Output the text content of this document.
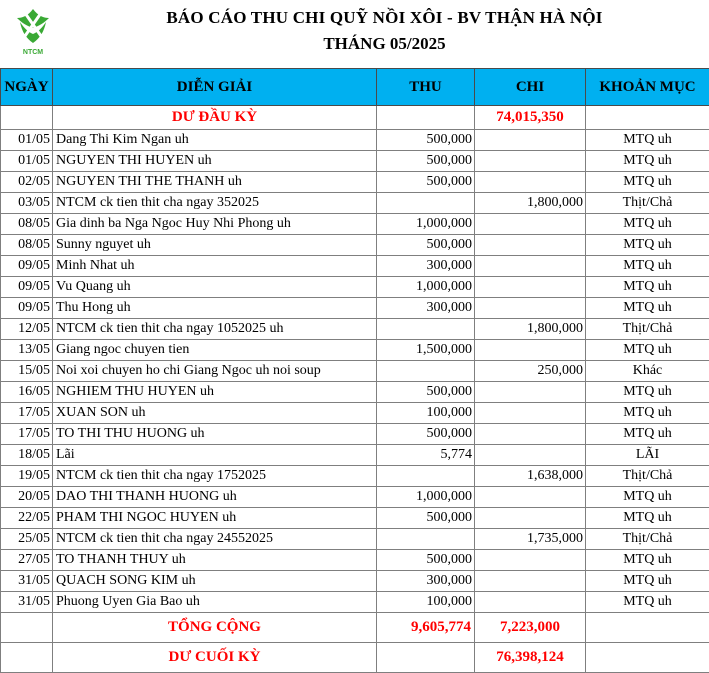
NTCM
BÁO CÁO THU CHI QUỸ NỒI XÔI - BV THẬN HÀ NỘI
THÁNG 05/2025
NGÀY	DIỄN GIẢI	THU	CHI	KHOẢN MỤC
	DƯ ĐẦU KỲ		74,015,350	
01/05	Dang Thi Kim Ngan uh	500,000		MTQ uh
01/05	NGUYEN THI HUYEN uh	500,000		MTQ uh
02/05	NGUYEN THI THE THANH uh	500,000		MTQ uh
03/05	NTCM ck tien thit cha ngay 352025		1,800,000	Thịt/Chả
08/05	Gia dinh ba Nga Ngoc Huy Nhi Phong uh	1,000,000		MTQ uh
08/05	Sunny nguyet uh	500,000		MTQ uh
09/05	Minh Nhat uh	300,000		MTQ uh
09/05	Vu Quang uh	1,000,000		MTQ uh
09/05	Thu Hong uh	300,000		MTQ uh
12/05	NTCM ck tien thit cha ngay 1052025 uh		1,800,000	Thịt/Chả
13/05	Giang ngoc chuyen tien	1,500,000		MTQ uh
15/05	Noi xoi chuyen ho chi Giang Ngoc uh noi soup		250,000	Khác
16/05	NGHIEM THU HUYEN uh	500,000		MTQ uh
17/05	XUAN SON uh	100,000		MTQ uh
17/05	TO THI THU HUONG uh	500,000		MTQ uh
18/05	Lãi	5,774		LÃI
19/05	NTCM ck tien thit cha ngay 1752025		1,638,000	Thịt/Chả
20/05	DAO THI THANH HUONG uh	1,000,000		MTQ uh
22/05	PHAM THI NGOC HUYEN uh	500,000		MTQ uh
25/05	NTCM ck tien thit cha ngay 24552025		1,735,000	Thịt/Chả
27/05	TO THANH THUY uh	500,000		MTQ uh
31/05	QUACH SONG KIM uh	300,000		MTQ uh
31/05	Phuong Uyen Gia Bao uh	100,000		MTQ uh
	TỔNG CỘNG	9,605,774	7,223,000	
	DƯ CUỐI KỲ		76,398,124	
